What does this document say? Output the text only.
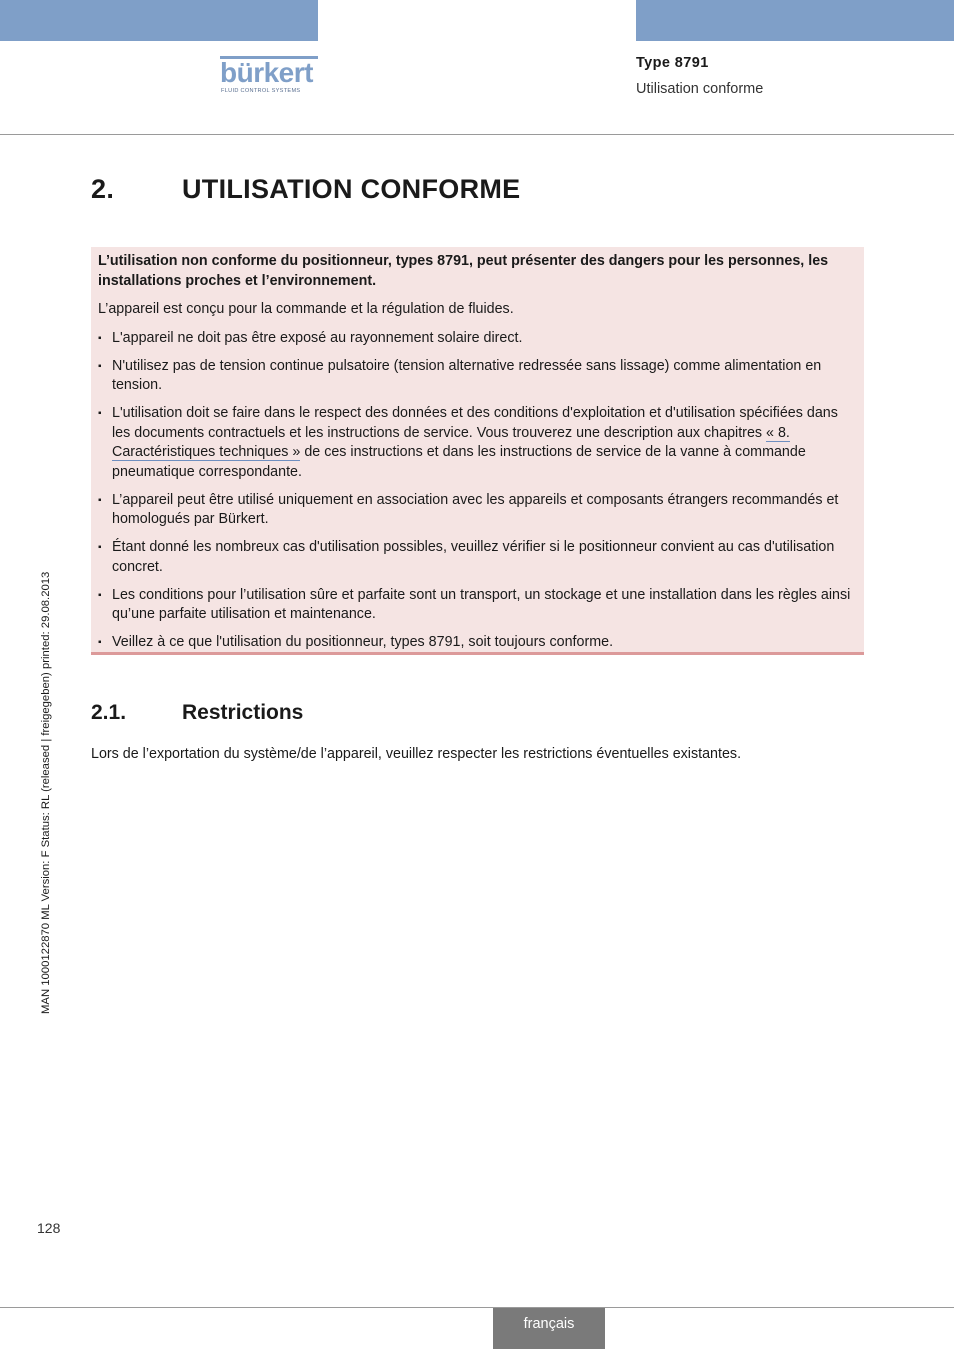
bürkert
FLUID CONTROL SYSTEMS
Type 8791
Utilisation conforme
2.	UTILISATION CONFORME

L’utilisation non conforme du positionneur, types 8791, peut présenter des dangers pour les personnes, les installations proches et l’environnement.

L’appareil est conçu pour la commande et la régulation de fluides.

▪ L'appareil ne doit pas être exposé au rayonnement solaire direct.
▪ N'utilisez pas de tension continue pulsatoire (tension alternative redressée sans lissage) comme alimentation en tension.
▪ L'utilisation doit se faire dans le respect des données et des conditions d'exploitation et d'utilisation spécifiées dans les documents contractuels et les instructions de service. Vous trouverez une description aux chapitres « 8. Caractéristiques techniques » de ces instructions et dans les instructions de service de la vanne à commande pneumatique correspondante.
▪ L’appareil peut être utilisé uniquement en association avec les appareils et composants étrangers recommandés et homologués par Bürkert.
▪ Étant donné les nombreux cas d'utilisation possibles, veuillez vérifier si le positionneur convient au cas d'utilisation concret.
▪ Les conditions pour l’utilisation sûre et parfaite sont un transport, un stockage et une installation dans les règles ainsi qu’une parfaite utilisation et maintenance.
▪ Veillez à ce que l'utilisation du positionneur, types 8791, soit toujours conforme.
2.1.	Restrictions
Lors de l’exportation du système/de l’appareil, veuillez respecter les restrictions éventuelles existantes.
MAN 1000122870 ML Version: F Status: RL (released | freigegeben) printed: 29.08.2013
128
français
